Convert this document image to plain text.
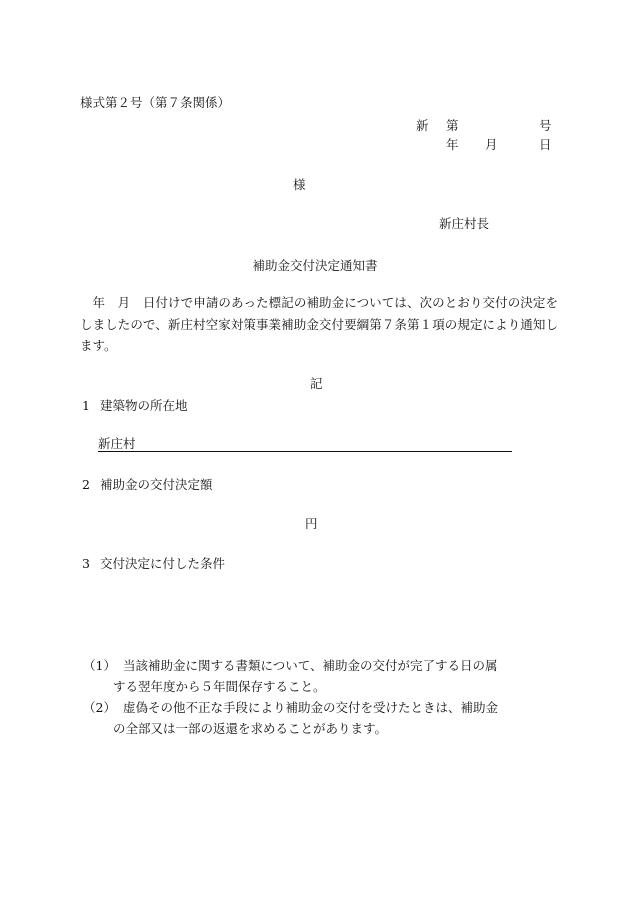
様式第２号（第７条関係）
新 第	号
年 月	日
様
新庄村長
補助金交付決定通知書
年　月　日付けで申請のあった標記の補助金については、次のとおり交付の決定をしましたので、新庄村空家対策事業補助金交付要綱第７条第１項の規定により通知します。
記
1 建築物の所在地
新庄村
2 補助金の交付決定額
円
3 交付決定に付した条件
（1） 当該補助金に関する書類について、補助金の交付が完了する日の属
する翌年度から５年間保存すること。
（2） 虚偽その他不正な手段により補助金の交付を受けたときは、補助金
の全部又は一部の返還を求めることがあります。
